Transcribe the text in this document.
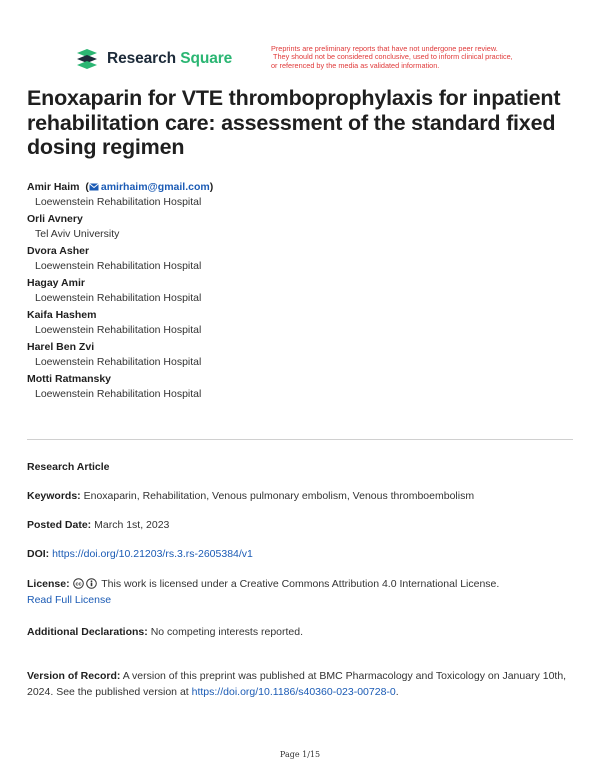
Research Square
Preprints are preliminary reports that have not undergone peer review.
They should not be considered conclusive, used to inform clinical practice,
or referenced by the media as validated information.
Enoxaparin for VTE thromboprophylaxis for inpatient rehabilitation care: assessment of the standard fixed dosing regimen
Amir Haim  ( amirhaim@gmail.com)
Loewenstein Rehabilitation Hospital
Orli Avnery
Tel Aviv University
Dvora Asher
Loewenstein Rehabilitation Hospital
Hagay Amir
Loewenstein Rehabilitation Hospital
Kaifa Hashem
Loewenstein Rehabilitation Hospital
Harel Ben Zvi
Loewenstein Rehabilitation Hospital
Motti Ratmansky
Loewenstein Rehabilitation Hospital
Research Article
Keywords: Enoxaparin, Rehabilitation, Venous pulmonary embolism, Venous thromboembolism
Posted Date: March 1st, 2023
DOI: https://doi.org/10.21203/rs.3.rs-2605384/v1
License: cc This work is licensed under a Creative Commons Attribution 4.0 International License.
Read Full License
Additional Declarations: No competing interests reported.
Version of Record: A version of this preprint was published at BMC Pharmacology and Toxicology on January 10th, 2024. See the published version at https://doi.org/10.1186/s40360-023-00728-0.
Page 1/15
